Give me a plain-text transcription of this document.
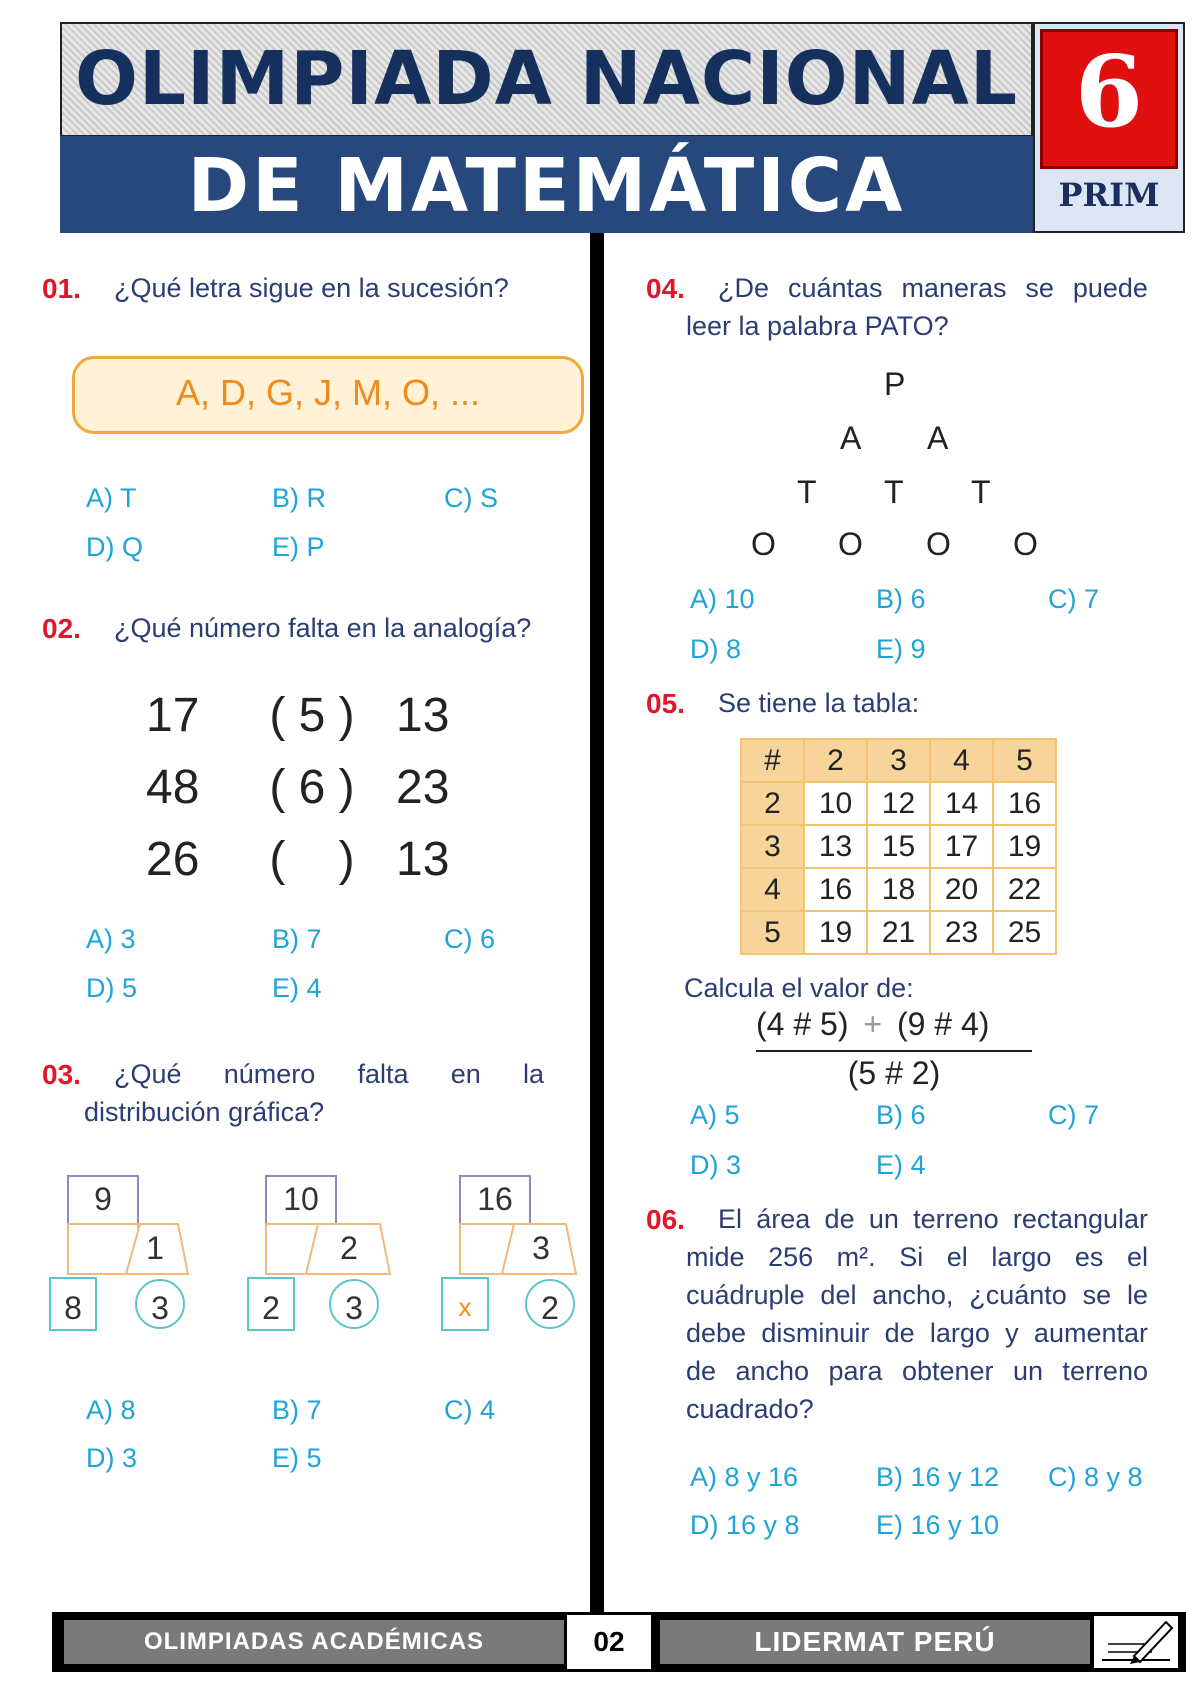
OLIMPIADA NACIONAL
DE MATEMÁTICA
6
PRIM
01. ¿Qué letra sigue en la sucesión?
A, D, G, J, M, O, ...
A) T	B) R	C) S
D) Q	E) P
02. ¿Qué número falta en la analogía?
17 ( 5 ) 13
48 ( 6 ) 23
26 (    ) 13
A) 3	B) 7	C) 6
D) 5	E) 4
03. ¿Qué número falta en la
distribución gráfica?
9
1
8	3
10
2
2	3
16
3
x	2
A) 8	B) 7	C) 4
D) 3	E) 5
04. ¿De cuántas maneras se puede
leer la palabra PATO?
P
A A
T T T
O O O O
A) 10	B) 6	C) 7
D) 8	E) 9
05. Se tiene la tabla:
#	2	3	4	5
2	10	12	14	16
3	13	15	17	19
4	16	18	20	22
5	19	21	23	25
Calcula el valor de:
(4 # 5) + (9 # 4)
(5 # 2)
A) 5	B) 6	C) 7
D) 3	E) 4
06. El área de un terreno rectangular
mide 256 m². Si el largo es el
cuádruple del ancho, ¿cuánto se le
debe disminuir de largo y aumentar
de ancho para obtener un terreno
cuadrado?
A) 8 y 16	B) 16 y 12 C) 8 y 8
D) 16 y 8	E) 16 y 10
OLIMPIADAS ACADÉMICAS	02	LIDERMAT PERÚ
